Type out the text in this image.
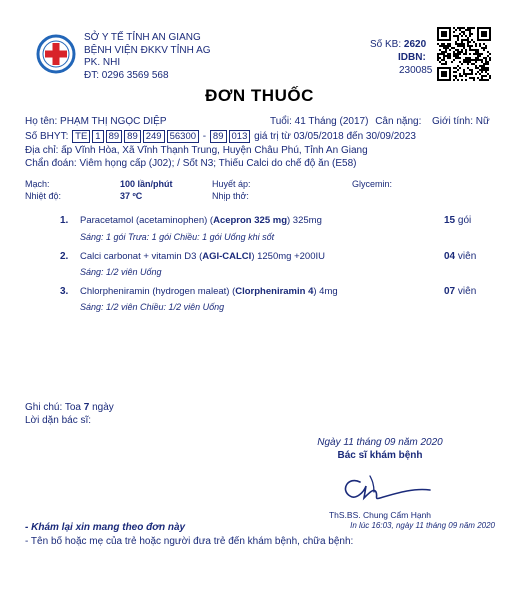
SỞ Y TẾ TỈNH AN GIANG
BỆNH VIỆN ĐKKV TỈNH AG
PK. NHI
ĐT: 0296 3569 568
Số KB: 2620
IDBN:
230085
ĐƠN THUỐC
Họ tên: PHẠM THỊ NGỌC DIỆP	Tuổi: 41 Tháng (2017) Cân nặng: Giới tính: Nữ
Số BHYT: TE 1 89 89 249 56300 - 89 013 giá trị từ 03/05/2018 đến 30/09/2023
Địa chỉ: ấp Vĩnh Hòa, Xã Vĩnh Thạnh Trung, Huyện Châu Phú, Tỉnh An Giang
Chẩn đoán: Viêm họng cấp (J02); / Sốt N3; Thiếu Calci do chế độ ăn (E58)
Mạch:	100 lần/phút
Nhiệt độ:	37 ºC
Huyết áp:
Nhịp thở:
Glycemin:
1. Paracetamol (acetaminophen) (Acepron 325 mg) 325mg	15 gói
Sáng: 1 gói Trưa: 1 gói Chiều: 1 gói Uống khi sốt
2. Calci carbonat + vitamin D3 (AGI-CALCI) 1250mg +200IU	04 viên
Sáng: 1/2 viên Uống
3. Chlorpheniramin (hydrogen maleat) (Clorpheniramin 4) 4mg	07 viên
Sáng: 1/2 viên Chiều: 1/2 viên Uống
Ghi chú: Toa 7 ngày
Lời dặn bác sĩ:
Ngày 11 tháng 09 năm 2020
Bác sĩ khám bệnh
ThS.BS. Chung Cẩm Hạnh
In lúc 16:03, ngày 11 tháng 09 năm 2020
- Khám lại xin mang theo đơn này
- Tên bố hoặc mẹ của trẻ hoặc người đưa trẻ đến khám bệnh, chữa bệnh:
